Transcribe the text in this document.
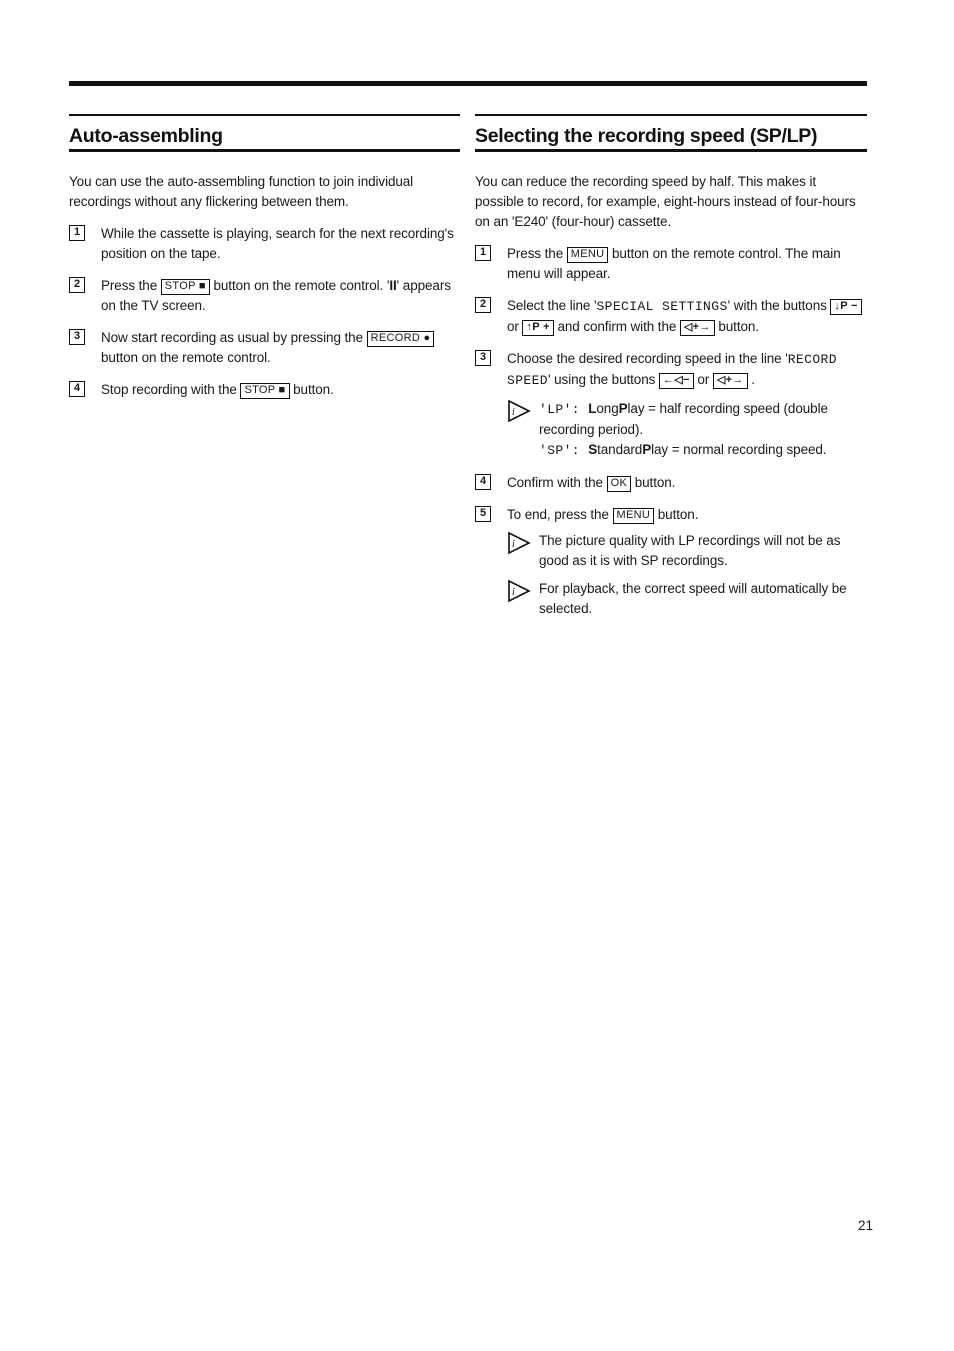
Auto-assembling

You can use the auto-assembling function to join individual recordings without any flickering between them.

1	While the cassette is playing, search for the next recording's position on the tape.
2	Press the STOP ■ button on the remote control. 'II' appears on the TV screen.
3	Now start recording as usual by pressing the RECORD ● button on the remote control.
4	Stop recording with the STOP ■ button.
Selecting the recording speed (SP/LP)

You can reduce the recording speed by half. This makes it possible to record, for example, eight-hours instead of four-hours on an 'E240' (four-hour) cassette.

1	Press the MENU button on the remote control. The main menu will appear.
2	Select the line 'SPECIAL SETTINGS' with the buttons ↓P − or ↑P + and confirm with the ◁+→ button.
3	Choose the desired recording speed in the line 'RECORD SPEED' using the buttons ←◁− or ◁+→ .
i 'LP': LongPlay = half recording speed (double recording period).
'SP': StandardPlay = normal recording speed.
4	Confirm with the OK button.
5	To end, press the MENU button.
i The picture quality with LP recordings will not be as good as it is with SP recordings.
i For playback, the correct speed will automatically be selected.
21
